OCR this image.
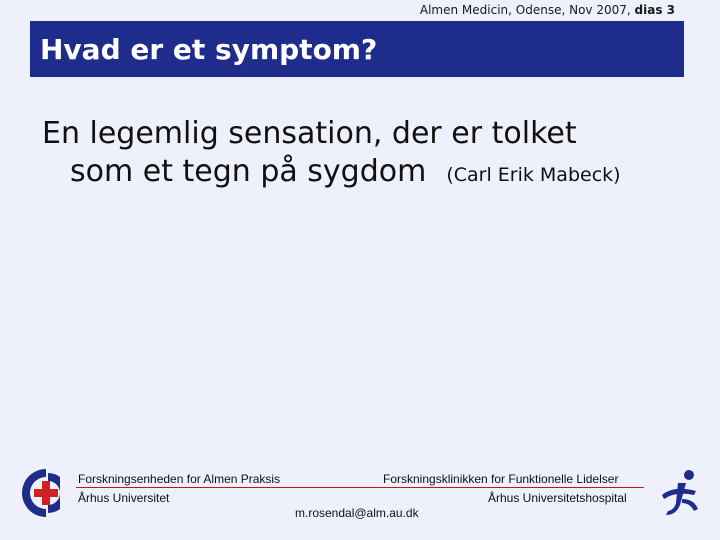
Almen Medicin, Odense, Nov 2007, dias 3
Hvad er et symptom?
En legemlig sensation, der er tolket
som et tegn på sygdom (Carl Erik Mabeck)
Forskningsenheden for Almen Praksis	Forskningsklinikken for Funktionelle Lidelser
Århus Universitet	Århus Universitetshospital
m.rosendal@alm.au.dk
